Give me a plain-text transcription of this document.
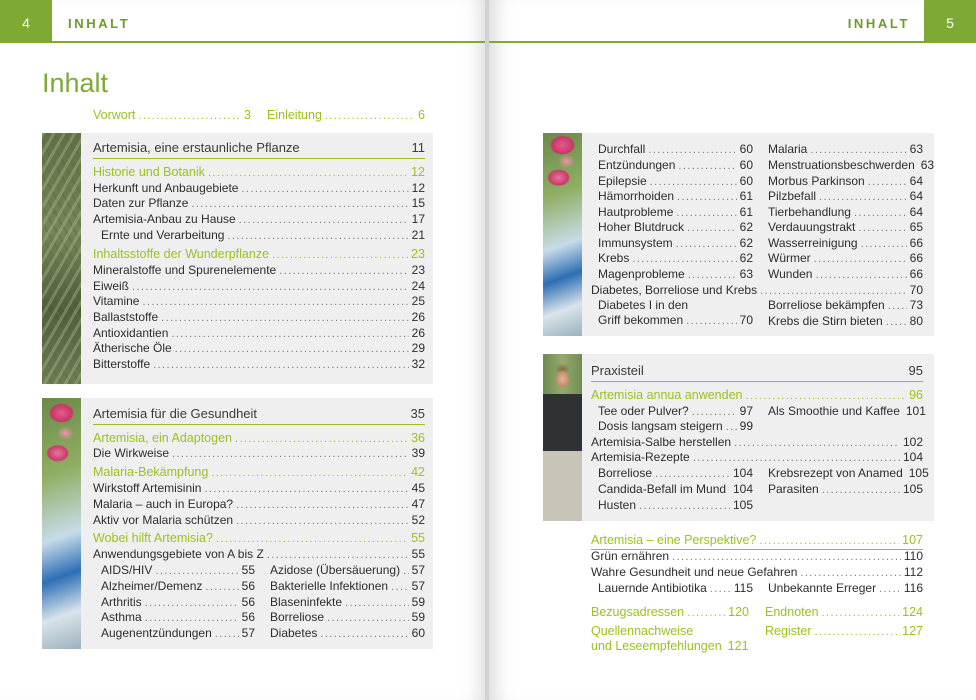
4	INHALT
Inhalt
Vorwort .....	3 Einleitung .....	6
Artemisia, eine erstaunliche Pflanze	11
Historie und Botanik .....	12
Herkunft und Anbaugebiete .....	12
Daten zur Pflanze .....	15
Artemisia-Anbau zu Hause .....	17
Ernte und Verarbeitung .....	21
Inhaltsstoffe der Wunderpflanze .....	23
Mineralstoffe und Spurenelemente .....	23
Eiweiß .....	24
Vitamine .....	25
Ballaststoffe .....	26
Antioxidantien .....	26
Ätherische Öle .....	29
Bitterstoffe .....	32
Artemisia für die Gesundheit	35
Artemisia, ein Adaptogen .....	36
Die Wirkweise .....	39
Malaria-Bekämpfung .....	42
Wirkstoff Artemisinin .....	45
Malaria – auch in Europa? .....	47
Aktiv vor Malaria schützen .....	52
Wobei hilft Artemisia? .....	55
Anwendungsgebiete von A bis Z .....	55
AIDS/HIV .....	55
Alzheimer/Demenz .....	56
Arthritis .....	56
Asthma .....	56
Augenentzündungen ..... 57
Azidose (Übersäuerung) ..... 57
Bakterielle Infektionen ..... 57
Blaseninfekte .....	59
Borreliose .....	59
Diabetes .....	60
5
INHALT
Durchfall .....	60
Entzündungen .....	60
Epilepsie .....	60
Hämorrhoiden .....	61
Hautprobleme .....	61
Hoher Blutdruck .....	62
Immunsystem .....	62
Krebs .....	62
Magenprobleme .....	63
Malaria .....	63
Menstruationsbeschwerden 63
Morbus Parkinson .....	64
Pilzbefall .....	64
Tierbehandlung .....	64
Verdauungstrakt .....	65
Wasserreinigung .....	66
Würmer .....	66
Wunden .....	66
Diabetes, Borreliose und Krebs .....	70
Diabetes I in den
Griff bekommen .....	70
Borreliose bekämpfen ..... 73
Krebs die Stirn bieten ..... 80
Praxisteil	95
Artemisia annua anwenden .....	96
Tee oder Pulver? .....	97 Als Smoothie und Kaffee 101
Dosis langsam steigern ..... 99
Artemisia-Salbe herstellen .....	102
Artemisia-Rezepte .....	104
Borreliose .....	104
Candida-Befall im Mund ..... 104
Husten .....	105
Krebsrezept von Anamed 105
Parasiten .....	105
Artemisia – eine Perspektive? .....	107
Grün ernähren .....	110
Wahre Gesundheit und neue Gefahren .....	112
Lauernde Antibiotika ..... 115 Unbekannte Erreger ..... 116
Bezugsadressen .....	120 Endnoten .....	124
Quellennachweise
und Leseempfehlungen 121
Register .....	127
